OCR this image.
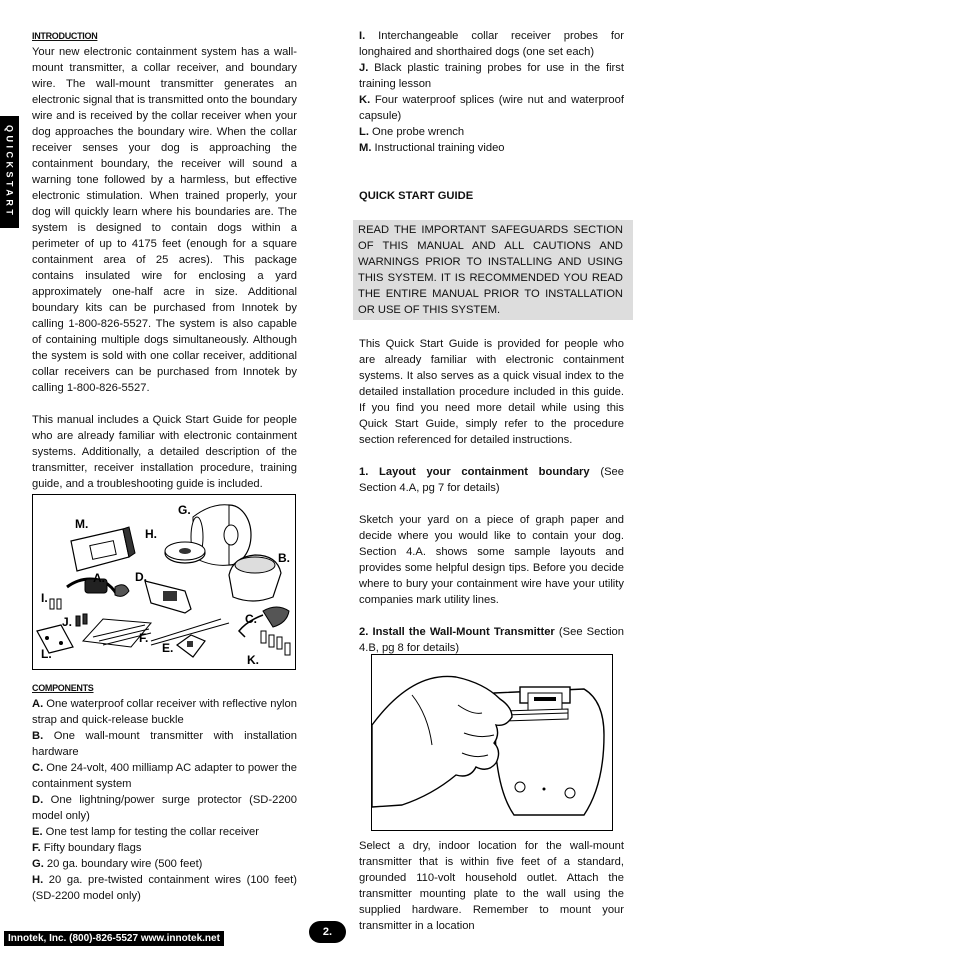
QUICKSTART

INTRODUCTION

Your new electronic containment system has a wall-mount transmitter, a collar receiver, and boundary wire. The wall-mount transmitter generates an electronic signal that is transmitted onto the boundary wire and is received by the collar receiver when your dog approaches the boundary wire. When the collar receiver senses your dog is approaching the containment boundary, the receiver will sound a warning tone followed by a harmless, but effective electronic stimulation. When trained properly, your dog will quickly learn where his boundaries are. The system is designed to contain dogs within a perimeter of up to 4175 feet (enough for a square containment area of 25 acres). This package contains insulated wire for enclosing a yard approximately one-half acre in size. Additional boundary kits can be purchased from Innotek by calling 1-800-826-5527. The system is also capable of containing multiple dogs simultaneously. Although the system is sold with one collar receiver, additional collar receivers can be purchased from Innotek by calling 1-800-826-5527.

This manual includes a Quick Start Guide for people who are already familiar with electronic containment systems. Additionally, a detailed description of the transmitter, receiver installation procedure, training guide, and a troubleshooting guide is included.

M.
G.
H.
B.
A.	D.
I.
J.	C.
F.
E.
L.	K.

COMPONENTS

A. One waterproof collar receiver with reflective nylon strap and quick-release buckle

B. One wall-mount transmitter with installation hardware

C. One 24-volt, 400 milliamp AC adapter to power the containment system

D. One lightning/power surge protector (SD-2200 model only)

E. One test lamp for testing the collar receiver

F. Fifty boundary flags

G. 20 ga. boundary wire (500 feet)

H. 20 ga. pre-twisted containment wires (100 feet) (SD-2200 model only)

I. Interchangeable collar receiver probes for longhaired and shorthaired dogs (one set each)

J. Black plastic training probes for use in the first training lesson

K. Four waterproof splices (wire nut and waterproof capsule)

L. One probe wrench

M. Instructional training video

QUICK START GUIDE

READ THE IMPORTANT SAFEGUARDS SECTION OF THIS MANUAL AND ALL CAUTIONS AND WARNINGS PRIOR TO INSTALLING AND USING THIS SYSTEM. IT IS RECOMMENDED YOU READ THE ENTIRE MANUAL PRIOR TO INSTALLATION OR USE OF THIS SYSTEM.

This Quick Start Guide is provided for people who are already familiar with electronic containment systems. It also serves as a quick visual index to the detailed installation procedure included in this guide. If you find you need more detail while using this Quick Start Guide, simply refer to the procedure section referenced for detailed instructions.

1. Layout your containment boundary (See Section 4.A, pg 7 for details)

Sketch your yard on a piece of graph paper and decide where you would like to contain your dog. Section 4.A. shows some sample layouts and provides some helpful design tips. Before you decide where to bury your containment wire have your utility companies mark utility lines.

2. Install the Wall-Mount Transmitter (See Section 4.B, pg 8 for details)

Select a dry, indoor location for the wall-mount transmitter that is within five feet of a standard, grounded 110-volt household outlet. Attach the transmitter mounting plate to the wall using the supplied hardware. Remember to mount your transmitter in a location

Innotek, Inc. (800)-826-5527 www.innotek.net
2.
